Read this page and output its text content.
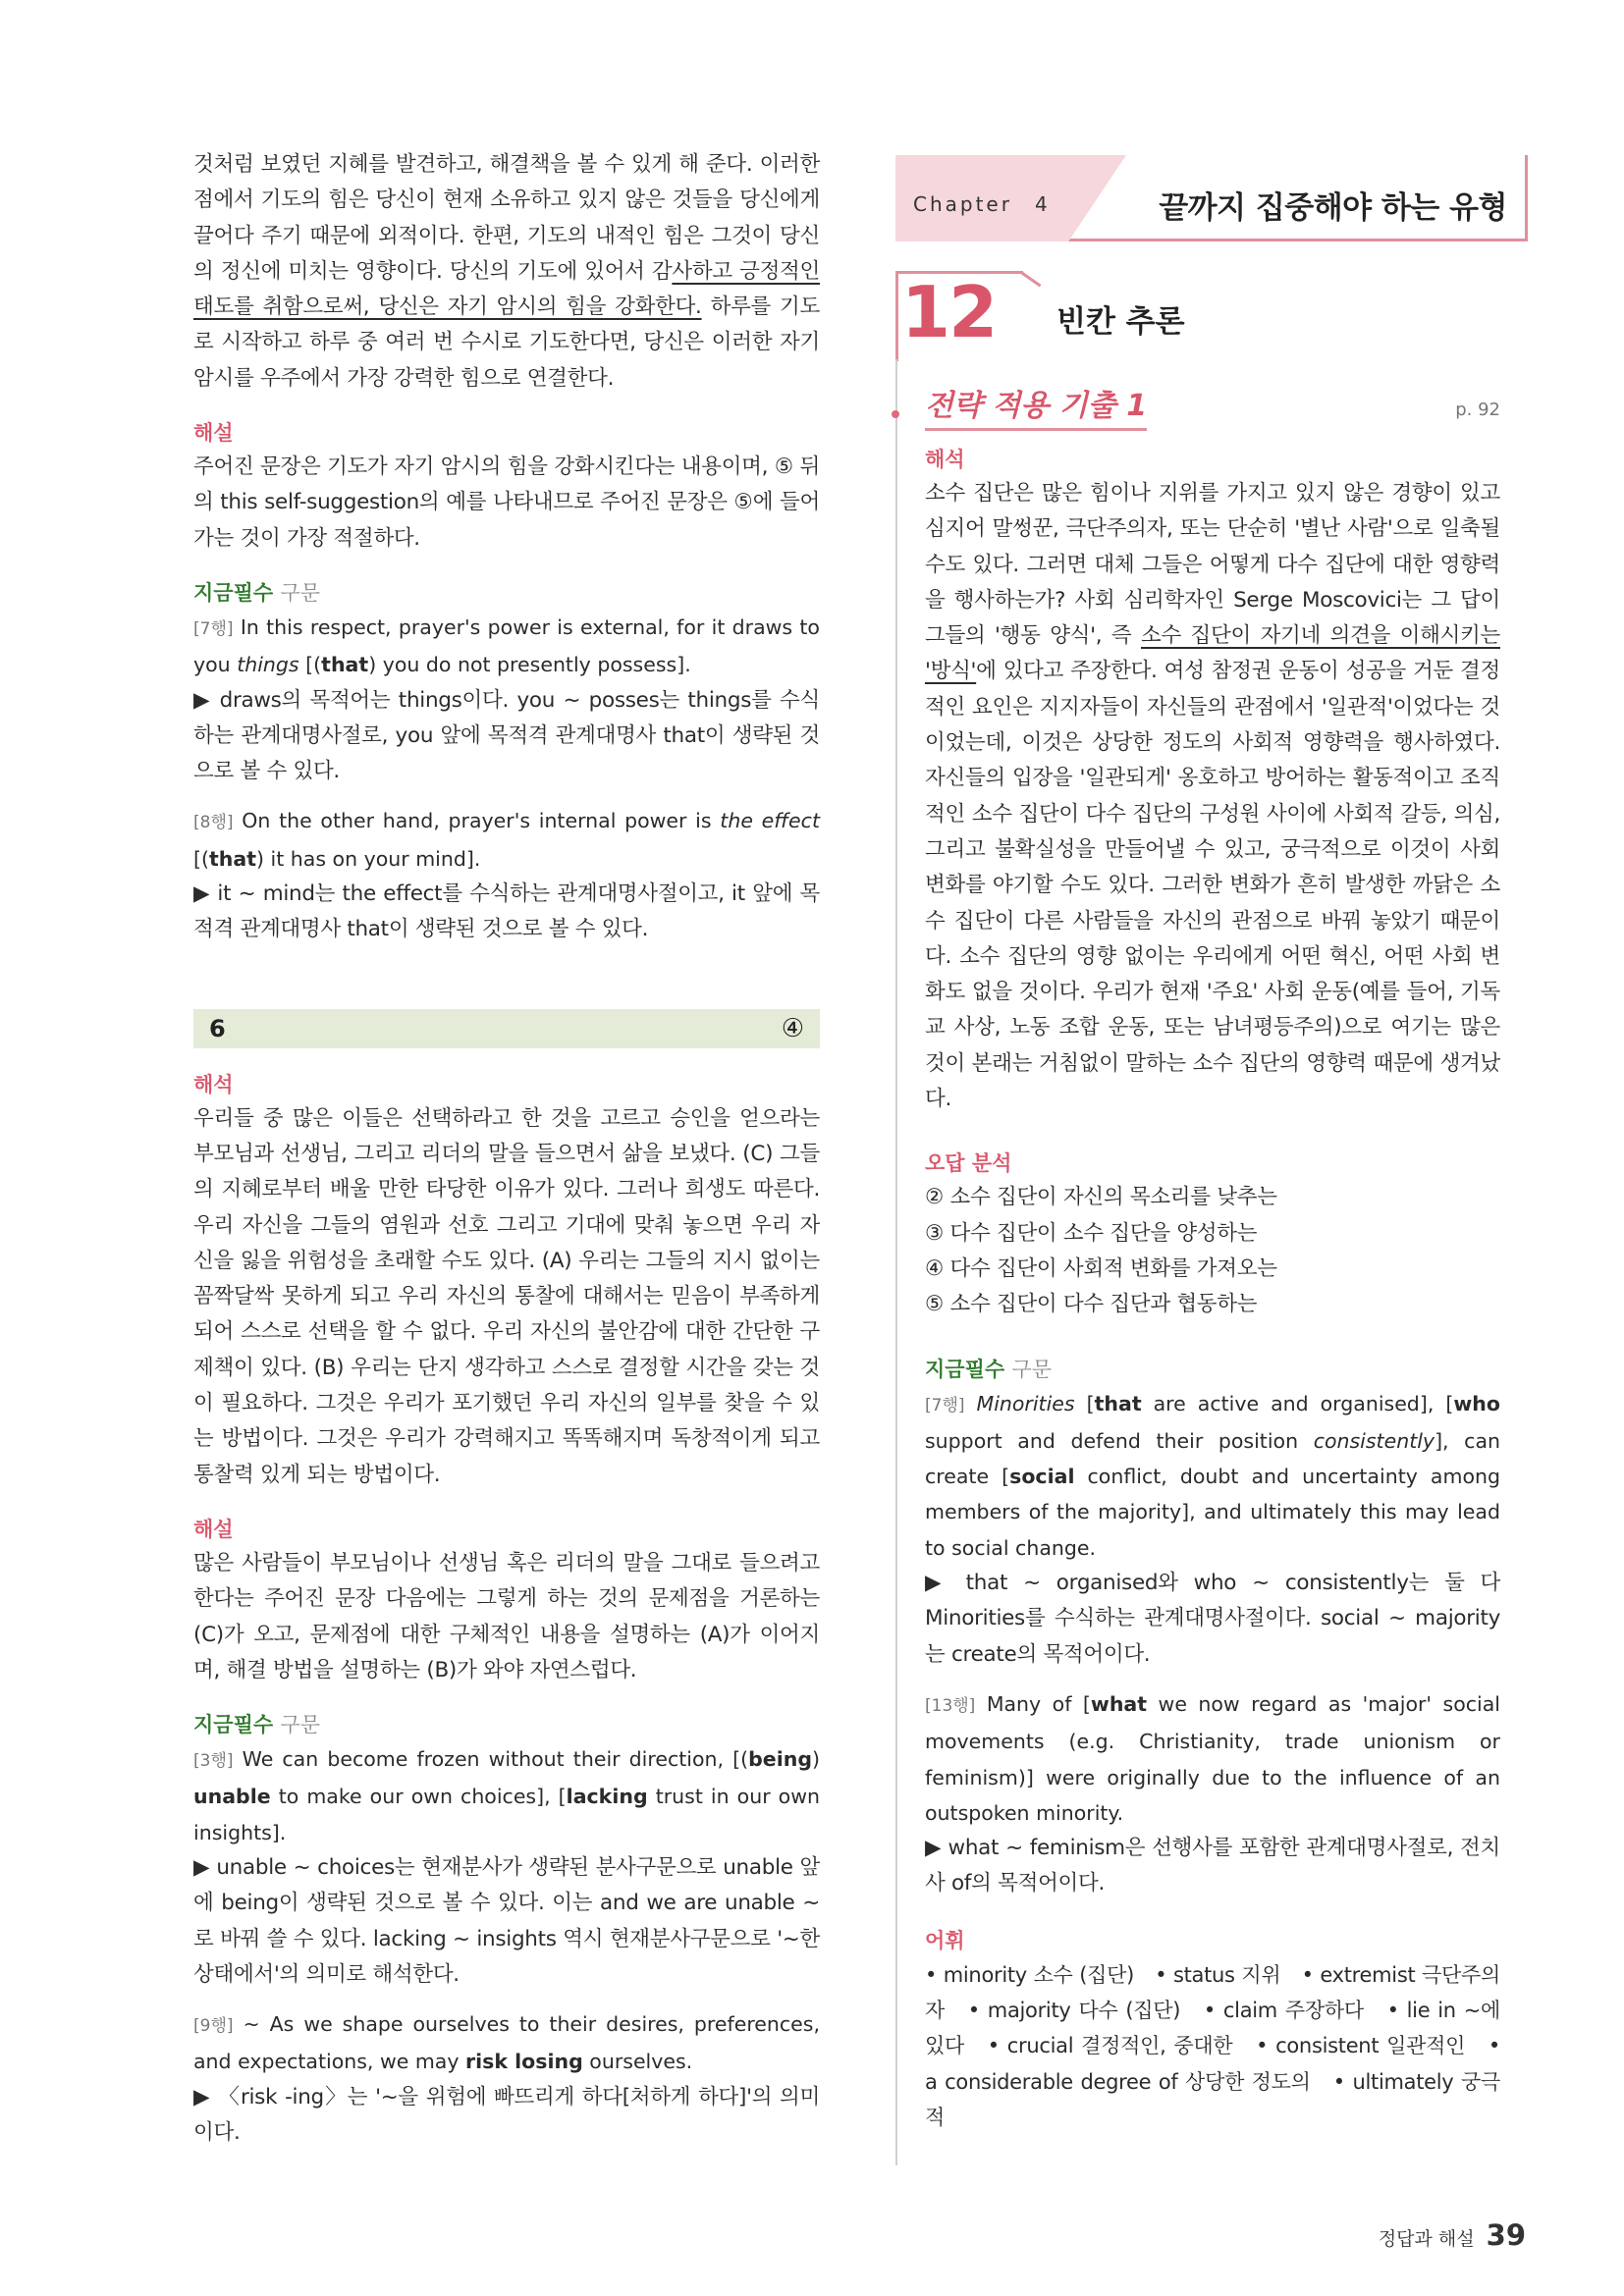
것처럼 보였던 지혜를 발견하고, 해결책을 볼 수 있게 해 준다. 이러한 점에서 기도의 힘은 당신이 현재 소유하고 있지 않은 것들을 당신에게 끌어다 주기 때문에 외적이다. 한편, 기도의 내적인 힘은 그것이 당신의 정신에 미치는 영향이다. 당신의 기도에 있어서 감사하고 긍정적인 태도를 취함으로써, 당신은 자기 암시의 힘을 강화한다. 하루를 기도로 시작하고 하루 중 여러 번 수시로 기도한다면, 당신은 이러한 자기 암시를 우주에서 가장 강력한 힘으로 연결한다.

해설

주어진 문장은 기도가 자기 암시의 힘을 강화시킨다는 내용이며, ⑤ 뒤의 this self-suggestion의 예를 나타내므로 주어진 문장은 ⑤에 들어가는 것이 가장 적절하다.

지금필수 구문

[7행] In this respect, prayer's power is external, for it draws to you things [(that) you do not presently possess].

▶ draws의 목적어는 things이다. you ~ posses는 things를 수식하는 관계대명사절로, you 앞에 목적격 관계대명사 that이 생략된 것으로 볼 수 있다.

[8행] On the other hand, prayer's internal power is the effect [(that) it has on your mind].

▶ it ~ mind는 the effect를 수식하는 관계대명사절이고, it 앞에 목적격 관계대명사 that이 생략된 것으로 볼 수 있다.

6	④
해석

우리들 중 많은 이들은 선택하라고 한 것을 고르고 승인을 얻으라는 부모님과 선생님, 그리고 리더의 말을 들으면서 삶을 보냈다. (C) 그들의 지혜로부터 배울 만한 타당한 이유가 있다. 그러나 희생도 따른다. 우리 자신을 그들의 염원과 선호 그리고 기대에 맞춰 놓으면 우리 자신을 잃을 위험성을 초래할 수도 있다. (A) 우리는 그들의 지시 없이는 꼼짝달싹 못하게 되고 우리 자신의 통찰에 대해서는 믿음이 부족하게 되어 스스로 선택을 할 수 없다. 우리 자신의 불안감에 대한 간단한 구제책이 있다. (B) 우리는 단지 생각하고 스스로 결정할 시간을 갖는 것이 필요하다. 그것은 우리가 포기했던 우리 자신의 일부를 찾을 수 있는 방법이다. 그것은 우리가 강력해지고 똑똑해지며 독창적이게 되고 통찰력 있게 되는 방법이다.

해설

많은 사람들이 부모님이나 선생님 혹은 리더의 말을 그대로 들으려고 한다는 주어진 문장 다음에는 그렇게 하는 것의 문제점을 거론하는 (C)가 오고, 문제점에 대한 구체적인 내용을 설명하는 (A)가 이어지며, 해결 방법을 설명하는 (B)가 와야 자연스럽다.

지금필수 구문

[3행] We can become frozen without their direction, [(being) unable to make our own choices], [lacking trust in our own insights].

▶ unable ~ choices는 현재분사가 생략된 분사구문으로 unable 앞에 being이 생략된 것으로 볼 수 있다. 이는 and we are unable ~로 바꿔 쓸 수 있다. lacking ~ insights 역시 현재분사구문으로 '~한 상태에서'의 의미로 해석한다.

[9행] ~ As we shape ourselves to their desires, preferences, and expectations, we may risk losing ourselves.

▶ 〈risk -ing〉는 '~을 위험에 빠뜨리게 하다[처하게 하다]'의 의미이다.

Chapter　4	끝까지 집중해야 하는 유형
12 빈칸 추론
전략 적용 기출 1	p. 92
해석

소수 집단은 많은 힘이나 지위를 가지고 있지 않은 경향이 있고 심지어 말썽꾼, 극단주의자, 또는 단순히 '별난 사람'으로 일축될 수도 있다. 그러면 대체 그들은 어떻게 다수 집단에 대한 영향력을 행사하는가? 사회 심리학자인 Serge Moscovici는 그 답이 그들의 '행동 양식', 즉 소수 집단이 자기네 의견을 이해시키는 '방식'에 있다고 주장한다. 여성 참정권 운동이 성공을 거둔 결정적인 요인은 지지자들이 자신들의 관점에서 '일관적'이었다는 것이었는데, 이것은 상당한 정도의 사회적 영향력을 행사하였다. 자신들의 입장을 '일관되게' 옹호하고 방어하는 활동적이고 조직적인 소수 집단이 다수 집단의 구성원 사이에 사회적 갈등, 의심, 그리고 불확실성을 만들어낼 수 있고, 궁극적으로 이것이 사회 변화를 야기할 수도 있다. 그러한 변화가 흔히 발생한 까닭은 소수 집단이 다른 사람들을 자신의 관점으로 바꿔 놓았기 때문이다. 소수 집단의 영향 없이는 우리에게 어떤 혁신, 어떤 사회 변화도 없을 것이다. 우리가 현재 '주요' 사회 운동(예를 들어, 기독교 사상, 노동 조합 운동, 또는 남녀평등주의)으로 여기는 많은 것이 본래는 거침없이 말하는 소수 집단의 영향력 때문에 생겨났다.

오답 분석

② 소수 집단이 자신의 목소리를 낮추는

③ 다수 집단이 소수 집단을 양성하는

④ 다수 집단이 사회적 변화를 가져오는

⑤ 소수 집단이 다수 집단과 협동하는

지금필수 구문

[7행] Minorities [that are active and organised], [who support and defend their position consistently], can create [social conflict, doubt and uncertainty among members of the majority], and ultimately this may lead to social change.

▶ that ~ organised와 who ~ consistently는 둘 다 Minorities를 수식하는 관계대명사절이다. social ~ majority는 create의 목적어이다.

[13행] Many of [what we now regard as 'major' social movements (e.g. Christianity, trade unionism or feminism)] were originally due to the influence of an outspoken minority.

▶ what ~ feminism은 선행사를 포함한 관계대명사절로, 전치사 of의 목적어이다.

어휘

• minority 소수 (집단)　• status 지위　• extremist 극단주의자　• majority 다수 (집단)　• claim 주장하다　• lie in ~에 있다　• crucial 결정적인, 중대한　• consistent 일관적인　• a considerable degree of 상당한 정도의　• ultimately 궁극적

정답과 해설 39
